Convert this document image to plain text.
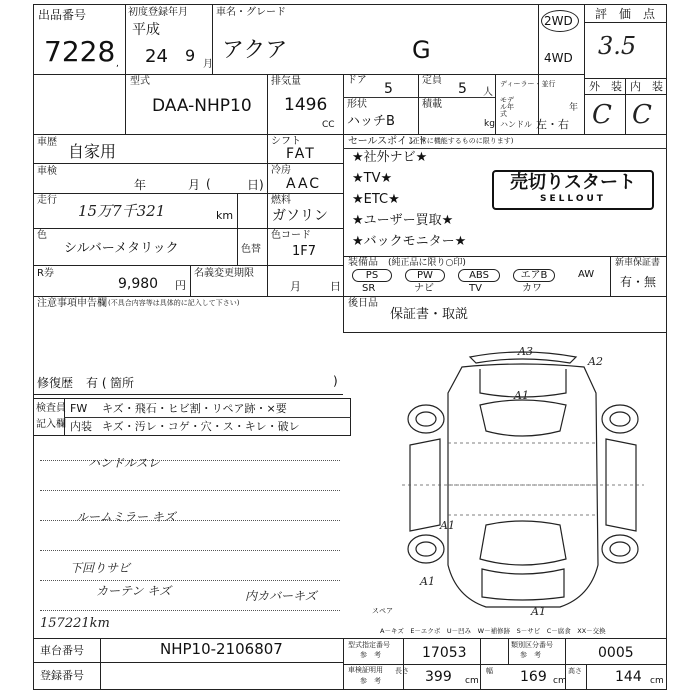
出品番号
7228 ,
初度登録年月
平成
24 9 月
車名・グレード
アクア	G
2WD
4WD
評　価　点
3.5
外　装 内　装
C C
型式
DAA-NHP10
排気量
1496
CC
ドア
5
定員
5 人
形状
ハッチB
積載
kg
ディーラー・並行
モデル年式
年
ハンドル 左・右
車歴 自家用
シフト
FAT
車検
年	月 (	日)
冷房
AAC
走行
15万7千321	km
燃料
ガソリン
色
シルバーメタリック	色替
色コード
1F7
R券
9,980 円
名義変更期限
月	日
セールスポイント
(正常に機能するものに限ります)
★社外ナビ★
★TV★
★ETC★
★ユーザー買取★
★バックモニター★
売切りスタート
SELLOUT
装備品 (純正品に限り○印)	新車保証書
有・無
PS	PW	ABS	エアB	AW
SR	ナビ	TV	カワ
後日品
保証書・取説
注意事項申告欄 (不具合内容等は具体的に記入して下さい)
修復歴 有 ( 箇所	)
検査員
記入欄
FW キズ・飛石・ヒビ割・リペア跡・×要
内装 キズ・汚レ・コゲ・穴・ス・キレ・破レ
ハンドルスレ
ルームミラー キズ
下回りサビ
カーテン キズ	内カバーキズ
157221km
A3
A2
A1
A1
A1
A1
スペア
A－キズ　E－エクボ　U－凹み　W－補修跡　S－サビ　C－腐食　XX－交換
車台番号	NHP10-2106807
登録番号
型式指定番号
参　考	17053	類別区分番号
参　考	0005
車検証明用
参　考
長さ 399 cm
幅 169 cm
高さ 144 cm
